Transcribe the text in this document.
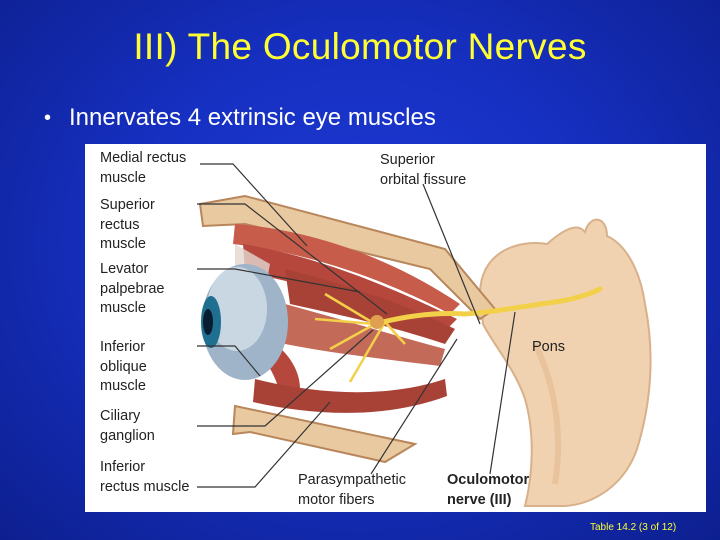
III) The Oculomotor Nerves
• Innervates 4 extrinsic eye muscles
Medial rectus
muscle
Superior
rectus
muscle
Levator
palpebrae
muscle
Inferior
oblique
muscle
Ciliary
ganglion
Inferior
rectus muscle
Superior
orbital fissure
Pons
Parasympathetic
motor fibers
Oculomotor
nerve (III)
Table 14.2 (3 of 12)
